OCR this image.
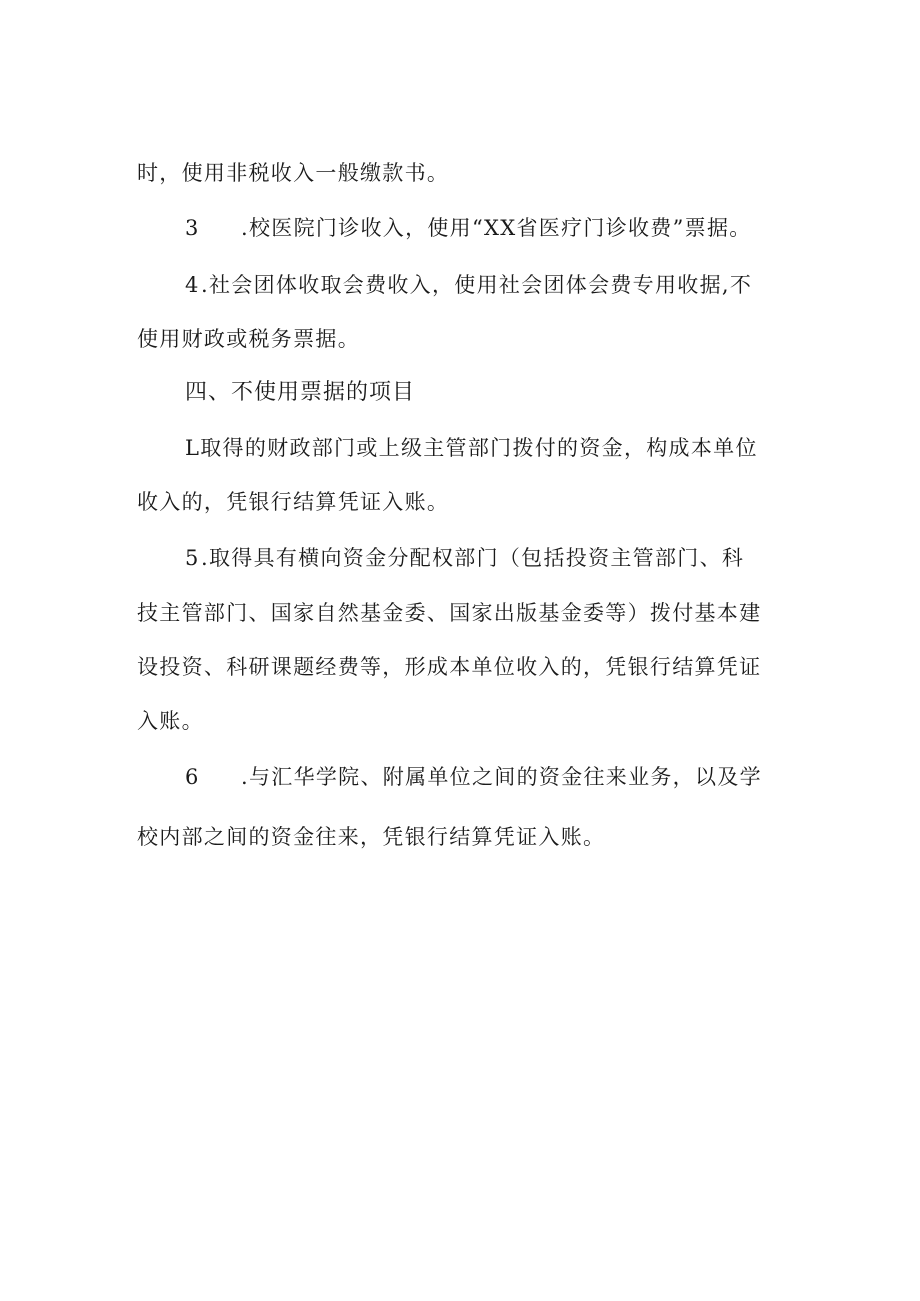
时，使用非税收入一般缴款书。
3 .校医院门诊收入，使用“XX省医疗门诊收费”票据。
4.社会团体收取会费收入，使用社会团体会费专用收据,不
使用财政或税务票据。
四、不使用票据的项目
L取得的财政部门或上级主管部门拨付的资金，构成本单位
收入的，凭银行结算凭证入账。
5.取得具有横向资金分配权部门（包括投资主管部门、科
技主管部门、国家自然基金委、国家出版基金委等）拨付基本建
设投资、科研课题经费等，形成本单位收入的，凭银行结算凭证
入账。
6 .与汇华学院、附属单位之间的资金往来业务，以及学
校内部之间的资金往来，凭银行结算凭证入账。
